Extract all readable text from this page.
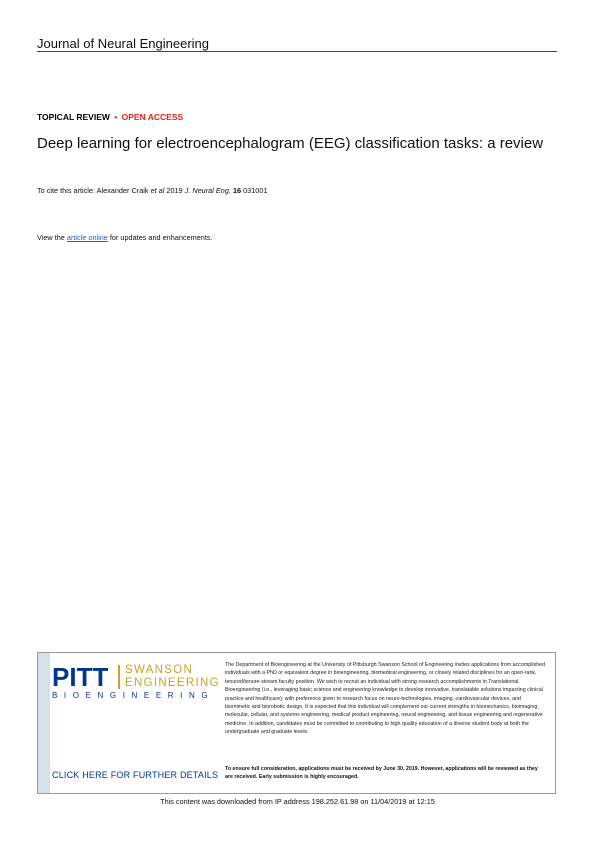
Journal of Neural Engineering
TOPICAL REVIEW • OPEN ACCESS
Deep learning for electroencephalogram (EEG) classification tasks: a review
To cite this article: Alexander Craik et al 2019 J. Neural Eng. 16 031001
View the article online for updates and enhancements.
PITT SWANSON
ENGINEERING
BIOENGINEERING
CLICK HERE FOR FURTHER DETAILS
The Department of Bioengineering at the University of Pittsburgh Swanson School of Engineering invites applications from accomplished individuals with a PhD or equivalent degree in bioengineering, biomedical engineering, or closely related disciplines for an open-rank, tenured/tenure-stream faculty position. We wish to recruit an individual with strong research accomplishments in Translational Bioengineering (i.e., leveraging basic science and engineering knowledge to develop innovative, translatable solutions impacting clinical practice and healthcare), with preference given to research focus on neuro-technologies, imaging, cardiovascular devices, and biomimetic and biorobotic design. It is expected that this individual will complement our current strengths in biomechanics, bioimaging, molecular, cellular, and systems engineering, medical product engineering, neural engineering, and tissue engineering and regenerative medicine. In addition, candidates must be committed to contributing to high quality education of a diverse student body at both the undergraduate and graduate levels.
To ensure full consideration, applications must be received by June 30, 2019. However, applications will be reviewed as they are received. Early submission is highly encouraged.
This content was downloaded from IP address 198.252.61.98 on 11/04/2019 at 12:15
